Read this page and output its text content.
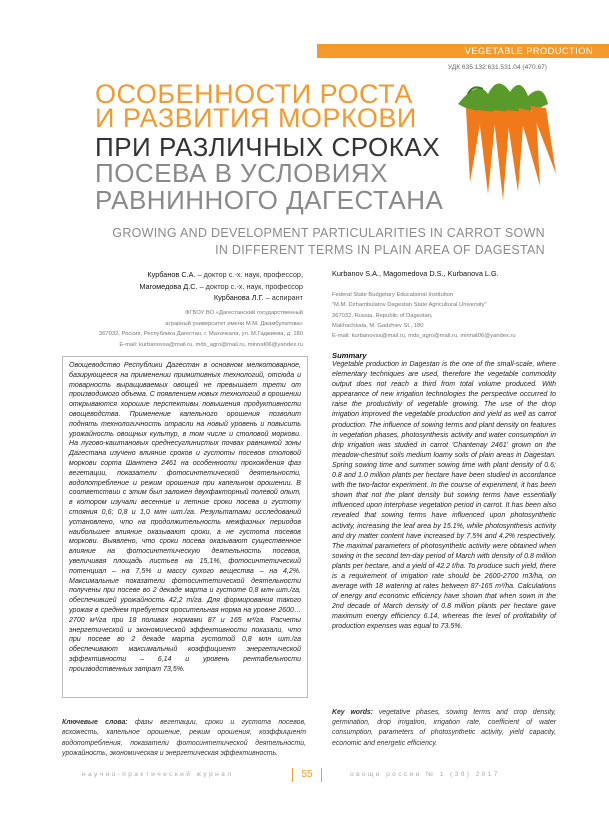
VEGETABLE PRODUCTION
УДК 635.132:631.531.04 (470.67)
ОСОБЕННОСТИ РОСТА
И РАЗВИТИЯ МОРКОВИ
ПРИ РАЗЛИЧНЫХ СРОКАХ
ПОСЕВА В УСЛОВИЯХ
РАВНИННОГО ДАГЕСТАНА
GROWING AND DEVELOPMENT PARTICULARITIES IN CARROT SOWN
IN DIFFERENT TERMS IN PLAIN AREA OF DAGESTAN
Курбанов С.А. – доктор с.-х. наук, профессор,
Магомедова Д.С. – доктор с.-х. наук, профессор
Курбанова Л.Г. – аспирант
ФГБОУ ВО «Дагестанский государственный
аграрный университет имени М.М. Джамбулатова»
367032, Россия, Республика Дагестан, г. Махачкала, ул. М.Гаджиева, д. 180
E-mail: kurbanovsa@mail.ru, mds_agro@mail.ru, minnat06@yandex.ru
Kurbanov S.A., Magomedova D.S., Kurbanova L.G.
Federal State Budgetary Educational Institution
"M.M. Dzhambulatov Dagestan State Agricultural University"
367032, Russia, Republic of Dagestan,
Makhachkala, M. Gadzhiev St., 180
E-mail: kurbanovsa@mail.ru, mds_agro@mail.ru, minnat06@yandex.ru

Овощеводство Республики Дагестан в основном мелкотоварное, базирующееся на применении примитивных технологий, отсюда и товарность выращиваемых овощей не превышает трети от производимого объема. С появлением новых технологий в орошении открываются хорошие перспективы повышения продуктивности овощеводства. Применение капельного орошения позволит поднять технологичность отрасли на новый уровень и повысить урожайность овощных культур, в том числе и столовой моркови. На лугово-каштановых среднесуглинистых почвах равнинной зоны Дагестана изучено влияние сроков и густоты посевов столовой моркови сорта Шантенэ 2461 на особенности прохождения фаз вегетации, показатели фотосинтетической деятельности, водопотребление и режим орошения при капельном орошении. В соответствии с этим был заложен двухфакторный полевой опыт, в котором изучали весенние и летние сроки посева и густоту стояния 0,6; 0,8 и 1,0 млн шт./га. Результатами исследований установлено, что на продолжительность межфазных периодов наибольшее влияние оказывают сроки, а не густота посевов моркови. Выявлено, что сроки посева оказывают существенное влияние на фотосинтетическую деятельность посевов, увеличивая площадь листьев на 15,1%, фотосинтетический потенциал – на 7,5% и массу сухого вещества – на 4,2%. Максимальные показатели фотосинтетической деятельности получены при посеве во 2 декаде марта и густоте 0,8 млн шт./га, обеспечившей урожайность 42,2 т/га. Для формирования такого урожая в среднем требуется оросительная норма на уровне 2600…2700 м³/га при 18 поливах нормами 87 и 165 м³/га. Расчеты энергетической и экономической эффективности показали, что при посеве во 2 декаде марта густотой 0,8 млн шт./га обеспечивают максимальный коэффициент энергетической эффективности – 6,14 и уровень рентабельности производственных затрат 73,5%.

Ключевые слова: фазы вегетации, сроки и густота посевов, всхожесть, капельное орошение, режим орошения, коэффициент водопотребления, показатели фотосинтетической деятельности, урожайность, экономическая и энергетическая эффективность.
Summary
Vegetable production in Dagestan is the one of the small-scale, where elementary techniques are used, therefore the vegetable commodity output does not reach a third from total volume produced. With appearance of new irrigation technologies the perspective occurred to raise the productivity of vegetable growing. The use of the drop irrigation improved the vegetable production and yield as well as carrot production. The influence of sowing terms and plant density on features in vegetation phases, photosynthesis activity and water consumption in drip irrigation was studied in carrot 'Chantenay 2461' grown on the meadow-chestnut soils medium loamy soils of plain areas in Dagestan. Spring sowing time and summer sowing time with plant density of 0.6; 0.8 and 1.0 million plants per hectare have been studied in accordance with the two-factor experiment. In the course of experiment, it has been shown that not the plant density but sowing terms have essentially influenced upon interphase vegetation period in carrot. It has been also revealed that sowing terms have influenced upon photosynthetic activity, increasing the leaf area by 15.1%, while photosynthesis activity and dry matter content have increased by 7.5% and 4.2% respectively. The maximal parameters of photosynthetic activity were obtained when sowing in the second ten-day period of March with density of 0.8 million plants per hectare, and a yield of 42.2 t/ha. To produce such yield, there is a requirement of irrigation rate should be 2600-2700 m3/ha, on average with 18 watering at rates between 87-165 m³/ha. Calculations of energy and economic efficiency have shown that when sown in the 2nd decade of March density of 0.8 million plants per hectare gave maximum energy efficiency 6.14, whereas the level of profitability of production expenses was equal to 73.5%.
Key words: vegetative phases, sowing terms and crop density, germination, drop irrigation, irrigation rate, coefficient of water consumption, parameters of photosynthetic activity, yield capacity, economic and energetic efficiency.
научно-практический журнал	55	овощи россии № 1 (39) 2017
